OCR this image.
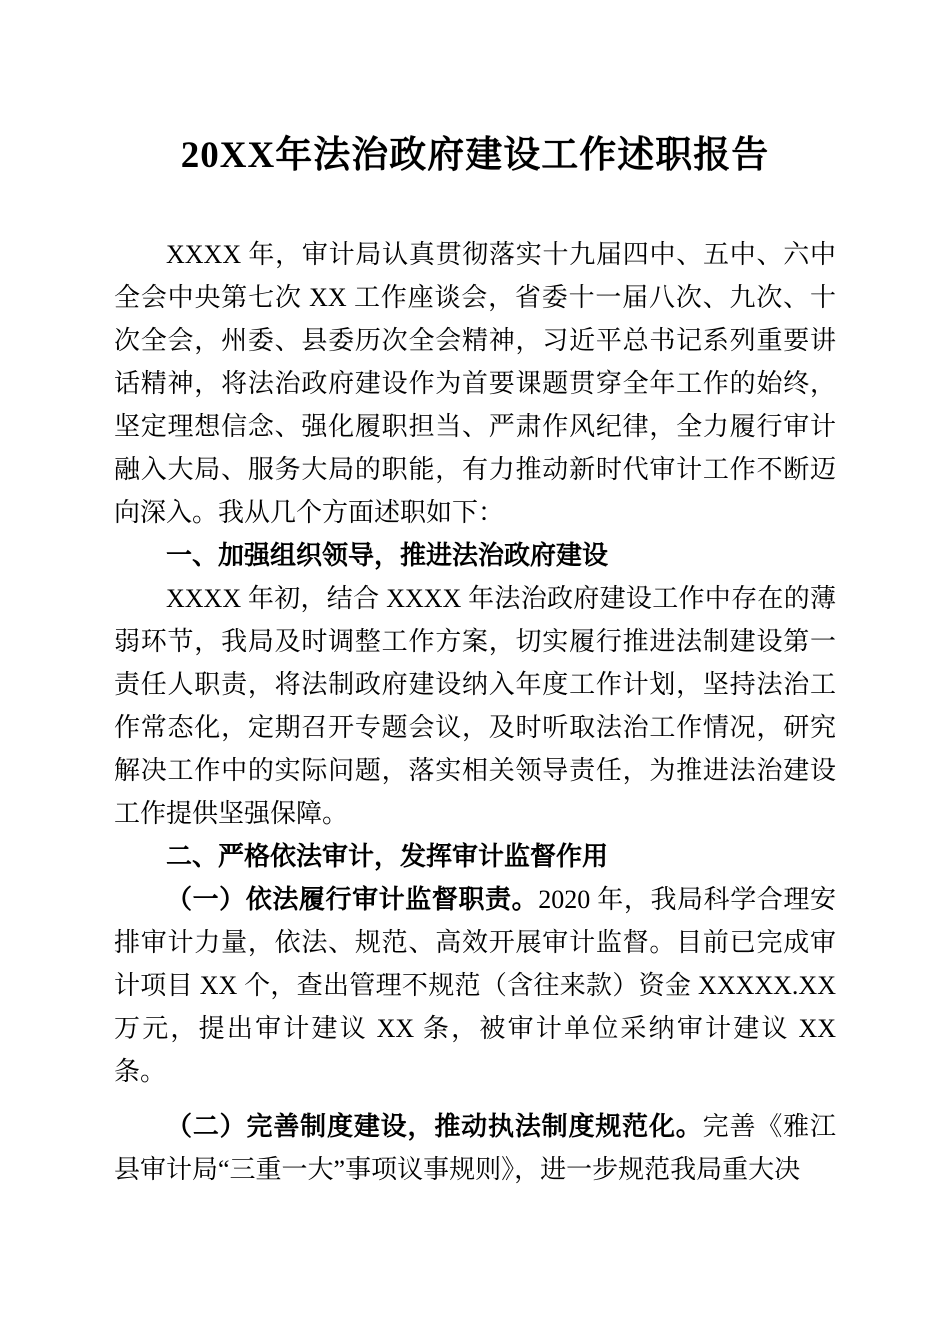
20XX年法治政府建设工作述职报告

XXXX 年，审计局认真贯彻落实十九届四中、五中、六中全会中央第七次 XX 工作座谈会，省委十一届八次、九次、十次全会，州委、县委历次全会精神，习近平总书记系列重要讲话精神，将法治政府建设作为首要课题贯穿全年工作的始终，坚定理想信念、强化履职担当、严肃作风纪律，全力履行审计融入大局、服务大局的职能，有力推动新时代审计工作不断迈向深入。我从几个方面述职如下：

一、加强组织领导，推进法治政府建设

XXXX 年初，结合 XXXX 年法治政府建设工作中存在的薄弱环节，我局及时调整工作方案，切实履行推进法制建设第一责任人职责，将法制政府建设纳入年度工作计划，坚持法治工作常态化，定期召开专题会议，及时听取法治工作情况，研究解决工作中的实际问题，落实相关领导责任，为推进法治建设工作提供坚强保障。

二、严格依法审计，发挥审计监督作用

（一）依法履行审计监督职责。2020 年，我局科学合理安排审计力量，依法、规范、高效开展审计监督。目前已完成审计项目 XX 个，查出管理不规范（含往来款）资金 XXXXX.XX 万元，提出审计建议 XX 条，被审计单位采纳审计建议 XX 条。

（二）完善制度建设，推动执法制度规范化。完善《雅江县审计局“三重一大”事项议事规则》，进一步规范我局重大决
